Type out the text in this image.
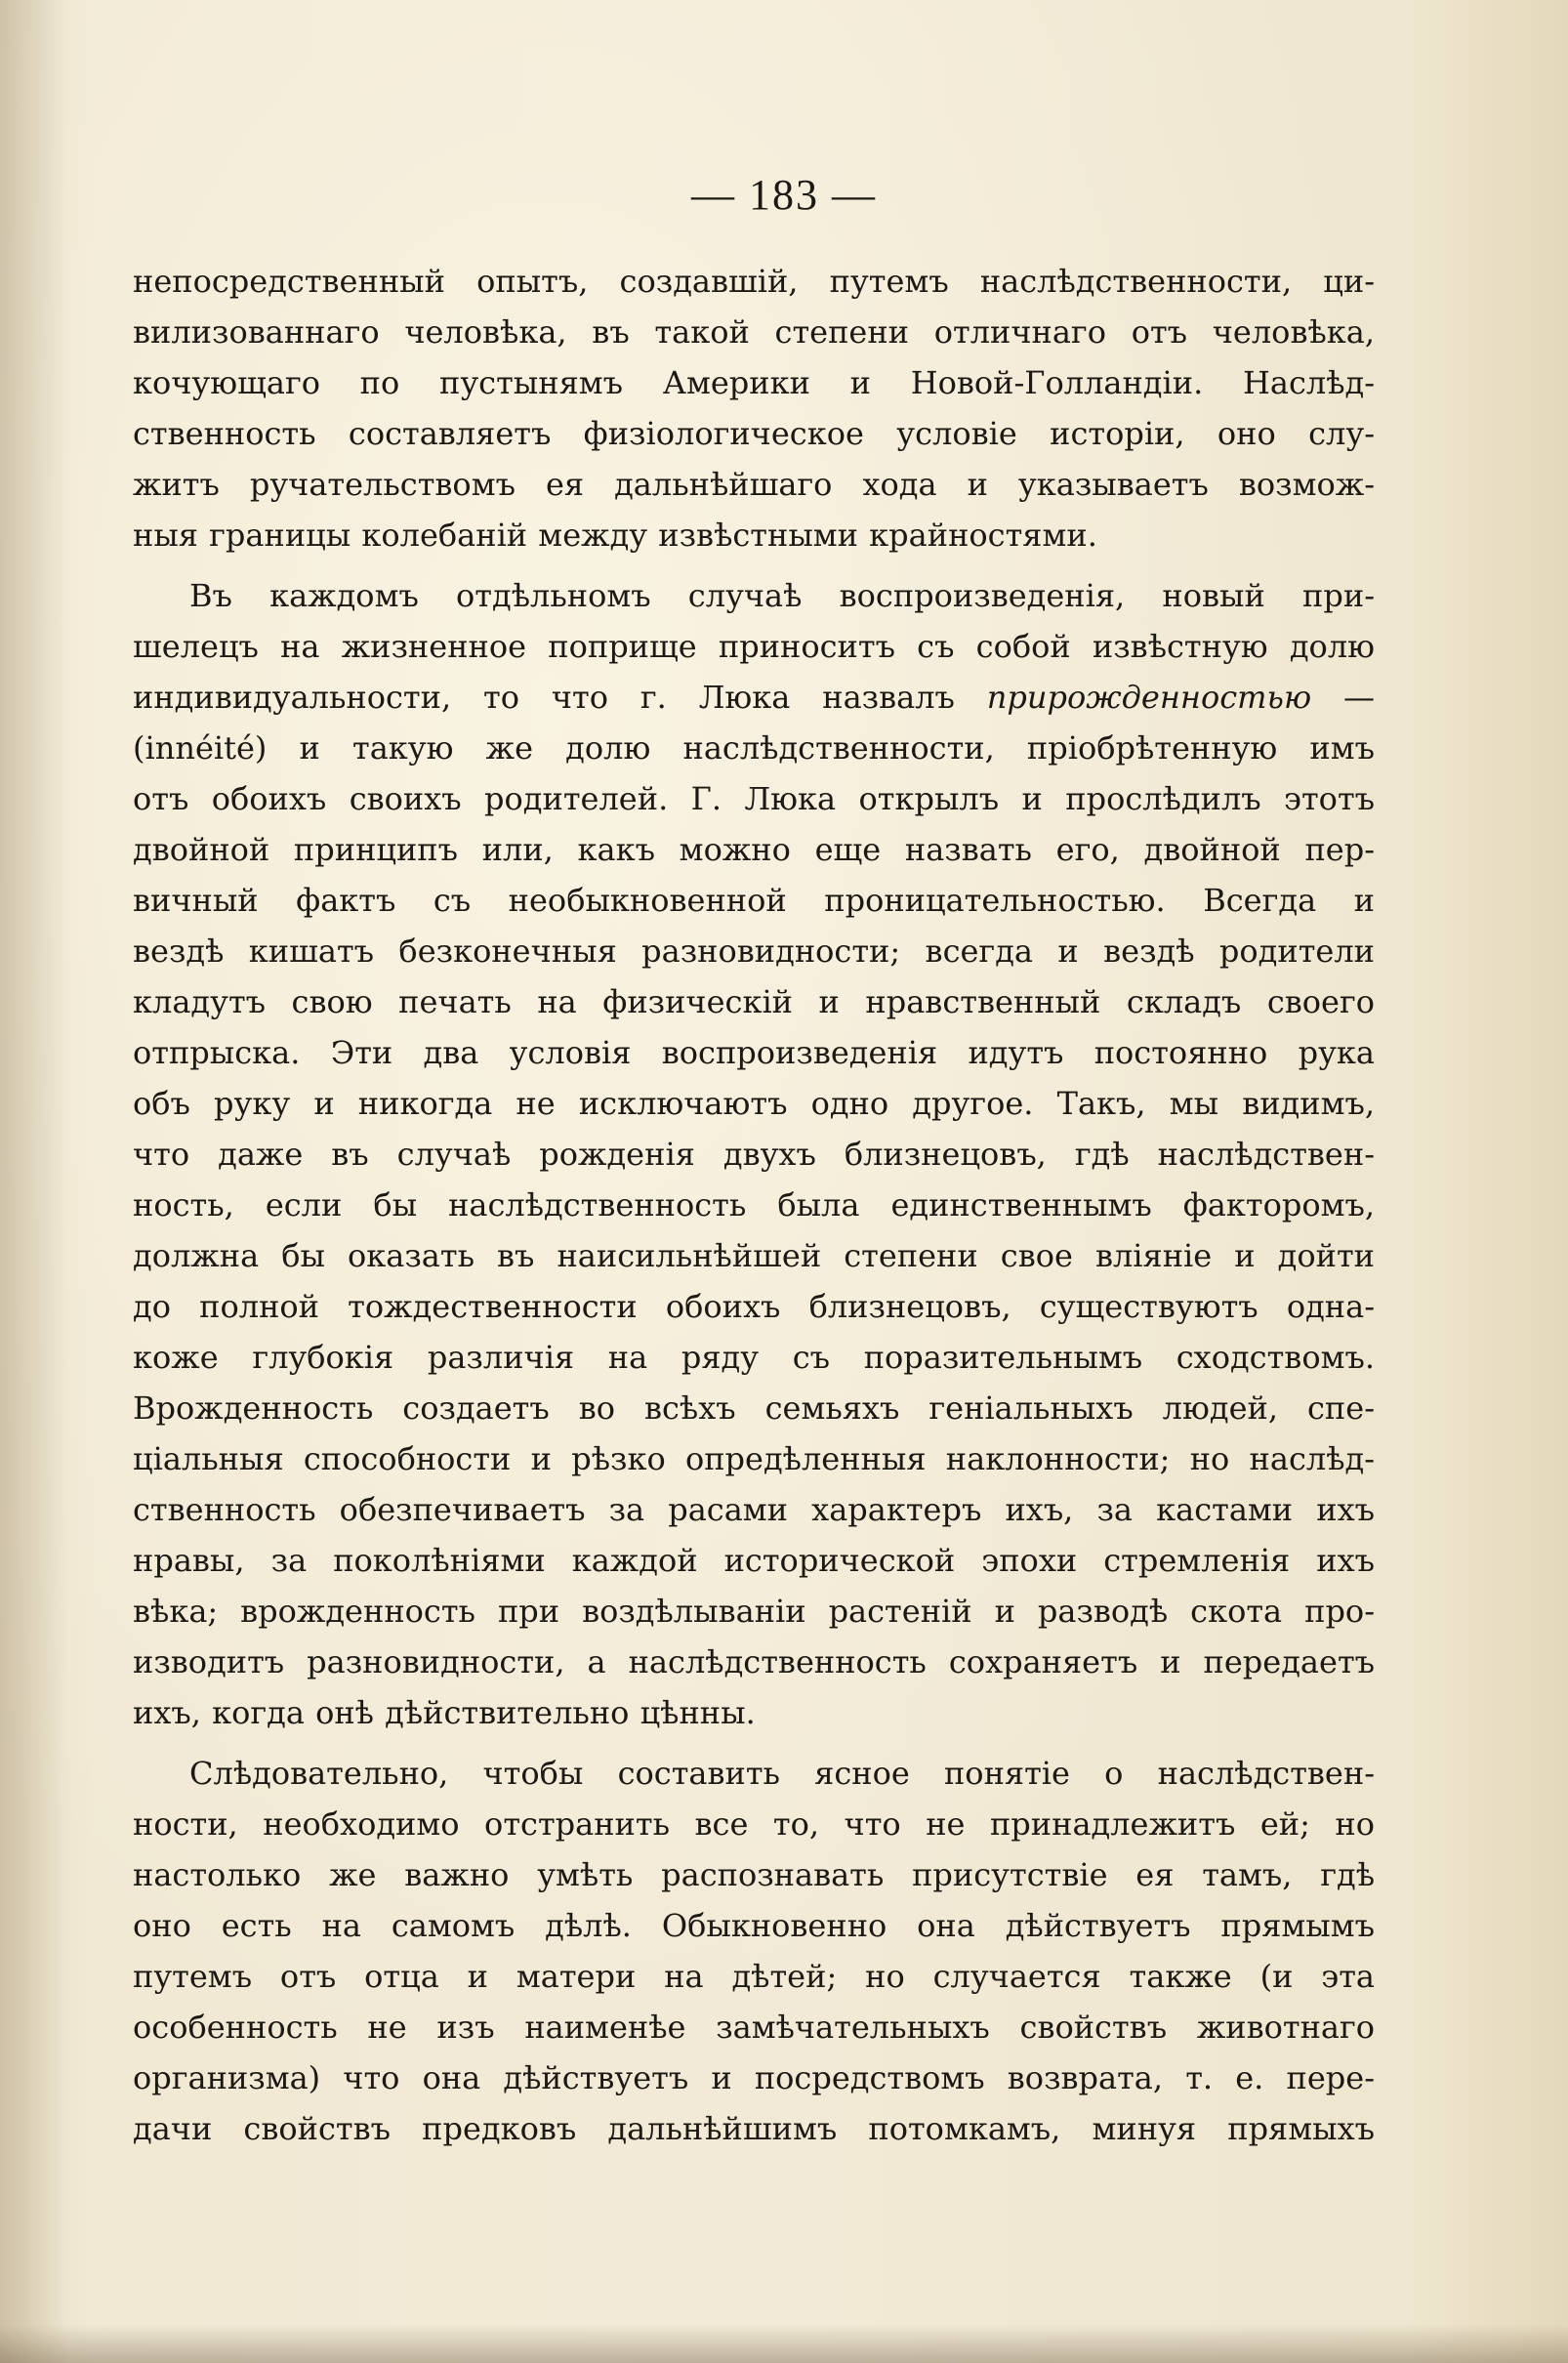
— 183 —
непосредственный опытъ, создавшій, путемъ наслѣдственности, ци-
вилизованнаго человѣка, въ такой степени отличнаго отъ человѣка,
кочующаго по пустынямъ Америки и Новой-Голландіи. Наслѣд-
ственность составляетъ физіологическое условіе исторіи, оно слу-
житъ ручательствомъ ея дальнѣйшаго хода и указываетъ возмож-
ныя границы колебаній между извѣстными крайностями.
Въ каждомъ отдѣльномъ случаѣ воспроизведенія, новый при-
шелецъ на жизненное поприще приноситъ съ собой извѣстную долю
индивидуальности, то что г. Люка назвалъ прирожденностью —
(innéité) и такую же долю наслѣдственности, пріобрѣтенную имъ
отъ обоихъ своихъ родителей. Г. Люка открылъ и прослѣдилъ этотъ
двойной принципъ или, какъ можно еще назвать его, двойной пер-
вичный фактъ съ необыкновенной проницательностью. Всегда и
вездѣ кишатъ безконечныя разновидности; всегда и вездѣ родители
кладутъ свою печать на физическій и нравственный складъ своего
отпрыска. Эти два условія воспроизведенія идутъ постоянно рука
объ руку и никогда не исключаютъ одно другое. Такъ, мы видимъ,
что даже въ случаѣ рожденія двухъ близнецовъ, гдѣ наслѣдствен-
ность, если бы наслѣдственность была единственнымъ факторомъ,
должна бы оказать въ наисильнѣйшей степени свое вліяніе и дойти
до полной тождественности обоихъ близнецовъ, существуютъ одна-
коже глубокія различія на ряду съ поразительнымъ сходствомъ.
Врожденность создаетъ во всѣхъ семьяхъ геніальныхъ людей, спе-
ціальныя способности и рѣзко опредѣленныя наклонности; но наслѣд-
ственность обезпечиваетъ за расами характеръ ихъ, за кастами ихъ
нравы, за поколѣніями каждой исторической эпохи стремленія ихъ
вѣка; врожденность при воздѣлываніи растеній и разводѣ скота про-
изводитъ разновидности, а наслѣдственность сохраняетъ и передаетъ
ихъ, когда онѣ дѣйствительно цѣнны.
Слѣдовательно, чтобы составить ясное понятіе о наслѣдствен-
ности, необходимо отстранить все то, что не принадлежитъ ей; но
настолько же важно умѣть распознавать присутствіе ея тамъ, гдѣ
оно есть на самомъ дѣлѣ. Обыкновенно она дѣйствуетъ прямымъ
путемъ отъ отца и матери на дѣтей; но случается также (и эта
особенность не изъ наименѣе замѣчательныхъ свойствъ животнаго
организма) что она дѣйствуетъ и посредствомъ возврата, т. е. пере-
дачи свойствъ предковъ дальнѣйшимъ потомкамъ, минуя прямыхъ
